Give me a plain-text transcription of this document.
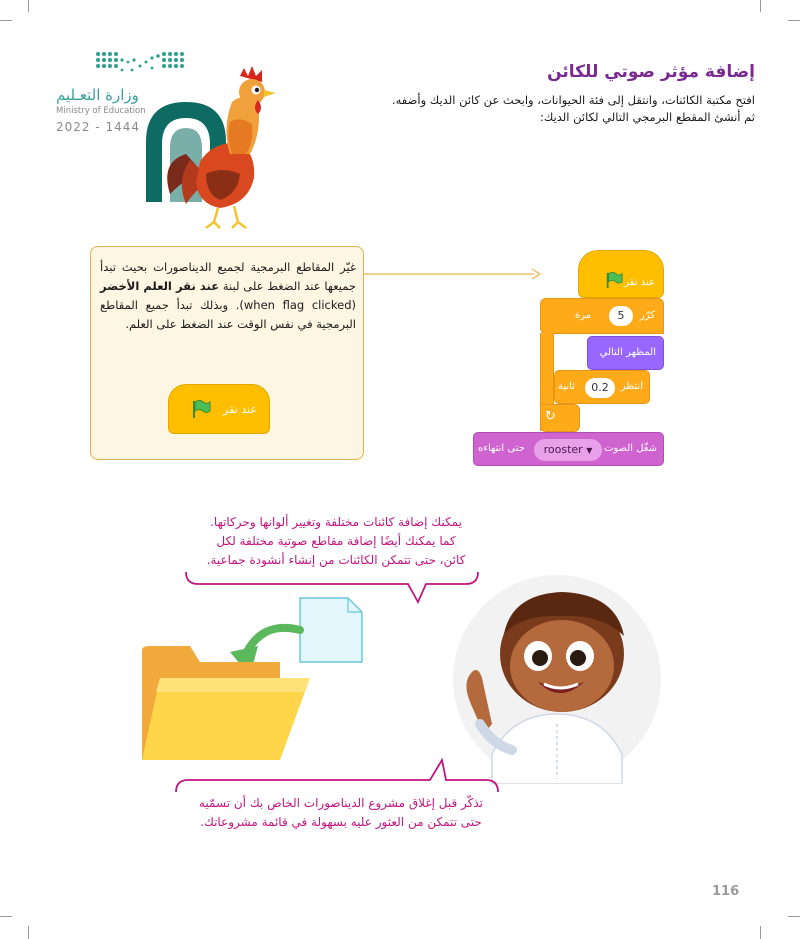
وزارة التعـليم
Ministry of Education
2022 - 1444
إضافة مؤثر صوتي للكائن
افتح مكتبة الكائنات، وانتقل إلى فئة الحيوانات، وابحث عن كائن الديك وأضفه.
ثم أنشئ المقطع البرمجي التالي لكائن الديك:
غيّر المقاطع البرمجية لجميع الديناصورات بحيث تبدأ جميعها عند الضغط على لبنة عند نقر العلم الأخضر (when flag clicked). وبذلك تبدأ جميع المقاطع البرمجية في نفس الوقت عند الضغط على العلم.
عند نقر
عند نقر
كرّر
5
مرة
المظهر التالي
انتظر
0.2
ثانية
↻
شغّل الصوت
rooster ▼
حتى انتهاءه
يمكنك إضافة كائنات مختلفة وتغيير ألوانها وحركاتها.
كما يمكنك أيضًا إضافة مقاطع صوتية مختلفة لكل
كائن، حتى تتمكن الكائنات من إنشاء أنشودة جماعية.
تذكّر قبل إغلاق مشروع الديناصورات الخاص بك أن تسمّيه
حتى تتمكن من العثور عليه بسهولة في قائمة مشروعاتك.
116
